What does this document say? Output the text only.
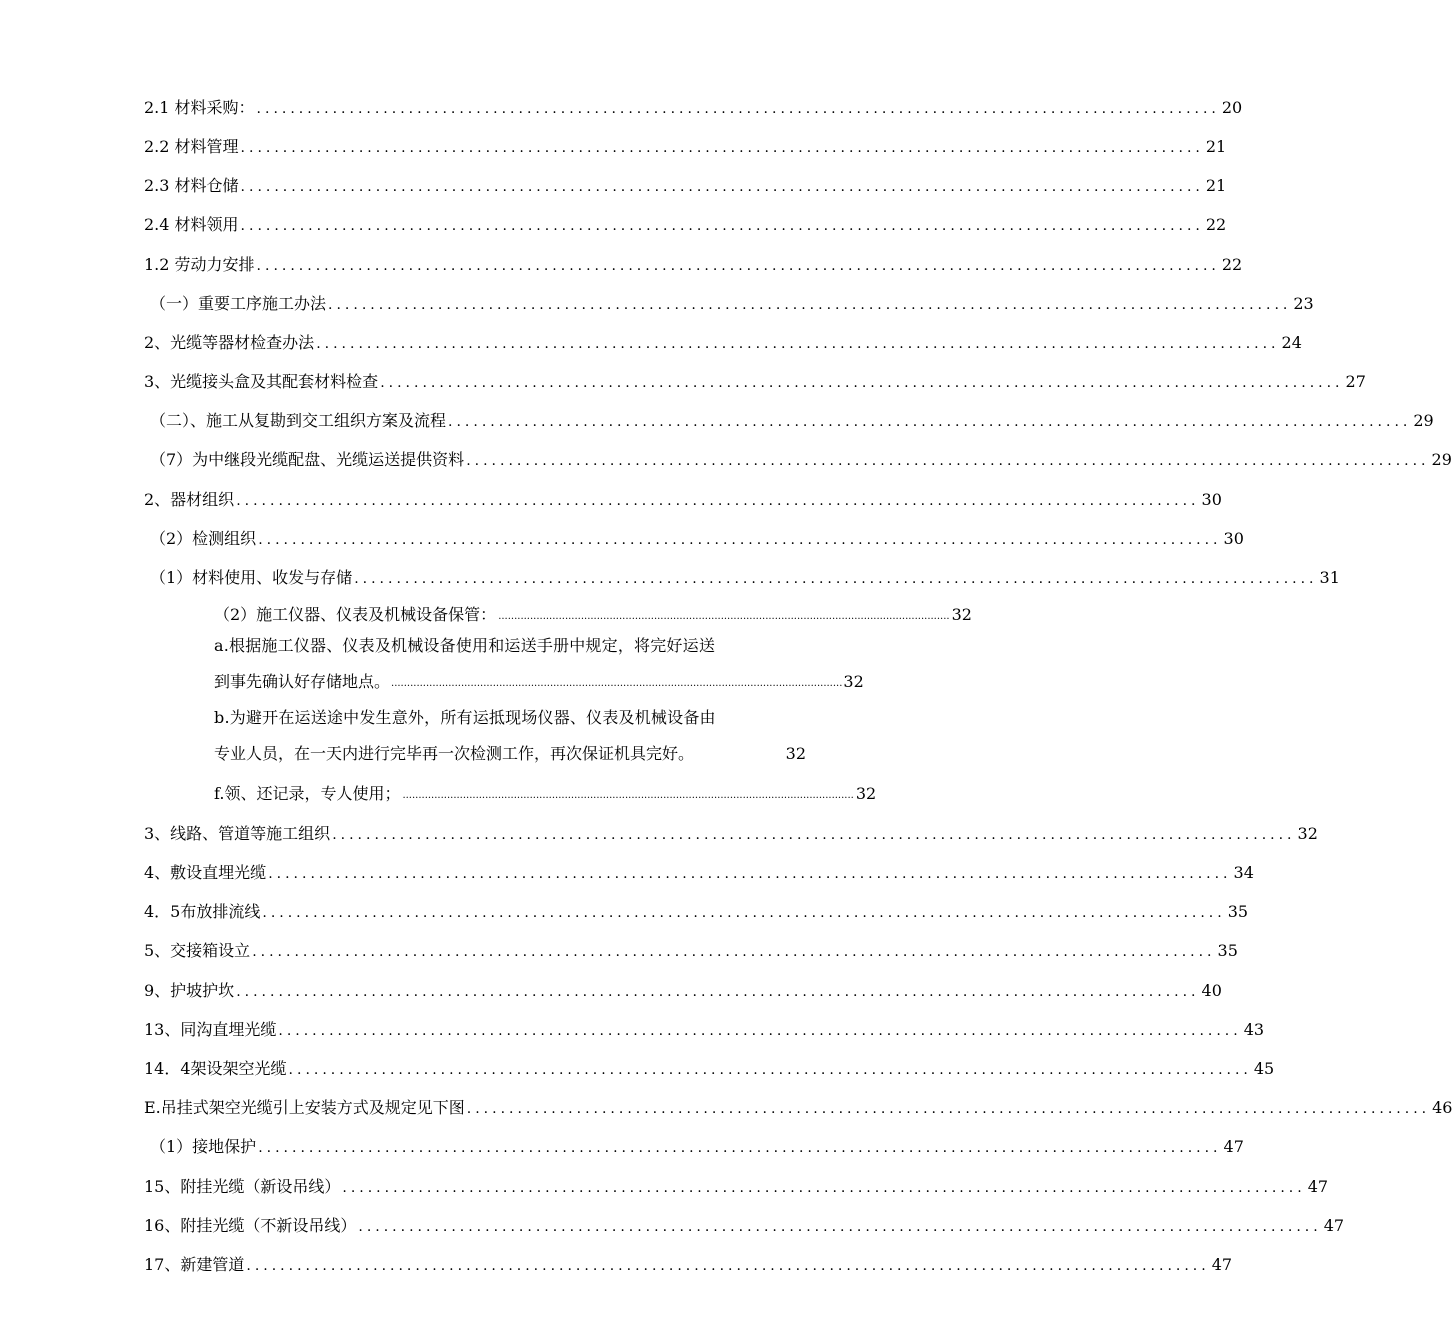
2.1 材料采购： .................................................................................................................. 20
2.2 材料管理 .................................................................................................................. 21
2.3 材料仓储 .................................................................................................................. 21
2.4 材料领用 .................................................................................................................. 22
1.2 劳动力安排 .................................................................................................................. 22
（一）重要工序施工办法 .................................................................................................................. 23
2、光缆等器材检查办法 .................................................................................................................. 24
3、光缆接头盒及其配套材料检查 .................................................................................................................. 27
（二）、施工从复勘到交工组织方案及流程 .................................................................................................................. 29
（7）为中继段光缆配盘、光缆运送提供资料 .................................................................................................................. 29
2、器材组织 .................................................................................................................. 30
（2）检测组织 .................................................................................................................. 30
（1）材料使用、收发与存储 .................................................................................................................. 31
（2）施工仪器、仪表及机械设备保管： .............................................................................................................................................. 32
a.根据施工仪器、仪表及机械设备使用和运送手册中规定，将完好运送
到事先确认好存储地点。 .............................................................................................................................................. 32
b.为避开在运送途中发生意外，所有运抵现场仪器、仪表及机械设备由
专业人员，在一天内进行完毕再一次检测工作，再次保证机具完好。	32
f.领、还记录，专人使用； .............................................................................................................................................. 32
3、线路、管道等施工组织 .................................................................................................................. 32
4、敷设直埋光缆 .................................................................................................................. 34
4．5布放排流线 .................................................................................................................. 35
5、交接箱设立 .................................................................................................................. 35
9、护坡护坎 .................................................................................................................. 40
13、同沟直埋光缆 .................................................................................................................. 43
14．4架设架空光缆 .................................................................................................................. 45
E.吊挂式架空光缆引上安装方式及规定见下图 .................................................................................................................. 46
（1）接地保护 .................................................................................................................. 47
15、附挂光缆（新设吊线） .................................................................................................................. 47
16、附挂光缆（不新设吊线） .................................................................................................................. 47
17、新建管道 .................................................................................................................. 47
